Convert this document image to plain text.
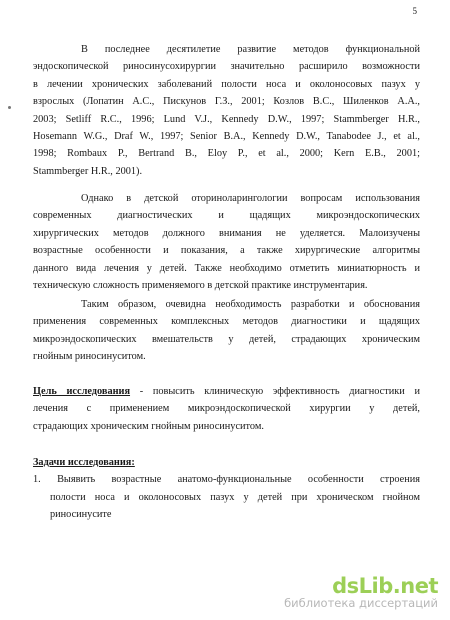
5
В последнее десятилетие развитие методов функциональной
эндоскопической риносинусохирургии значительно расширило возможности
в лечении хронических заболеваний полости носа и околоносовых пазух у
взрослых (Лопатин А.С., Пискунов Г.З., 2001; Козлов В.С., Шиленков А.А.,
2003; Setliff R.C., 1996; Lund V.J., Kennedy D.W., 1997; Stammberger H.R.,
Hosemann W.G., Draf W., 1997; Senior B.A., Kennedy D.W., Tanabodee J., et al.,
1998; Rombaux P., Bertrand B., Eloy P., et al., 2000; Kern E.B., 2001;
Stammberger H.R., 2001).
Однако в детской оториноларингологии вопросам использования
современных диагностических и щадящих микроэндоскопических
хирургических методов должного внимания не уделяется. Малоизучены
возрастные особенности и показания, а также хирургические алгоритмы
данного вида лечения у детей. Также необходимо отметить миниатюрность и
техническую сложность применяемого в детской практике инструментария.
Таким образом, очевидна необходимость разработки и обоснования
применения современных комплексных методов диагностики и щадящих
микроэндоскопических вмешательств у детей, страдающих хроническим
гнойным риносинуситом.
Цель исследования - повысить клиническую эффективность диагностики и
лечения с применением микроэндоскопической хирургии у детей,
страдающих хроническим гнойным риносинуситом.
Задачи исследования:
1. Выявить возрастные анатомо-функциональные особенности строения
полости носа и околоносовых пазух у детей при хроническом гнойном
риносинусите
dsLib.net
библиотека диссертаций
